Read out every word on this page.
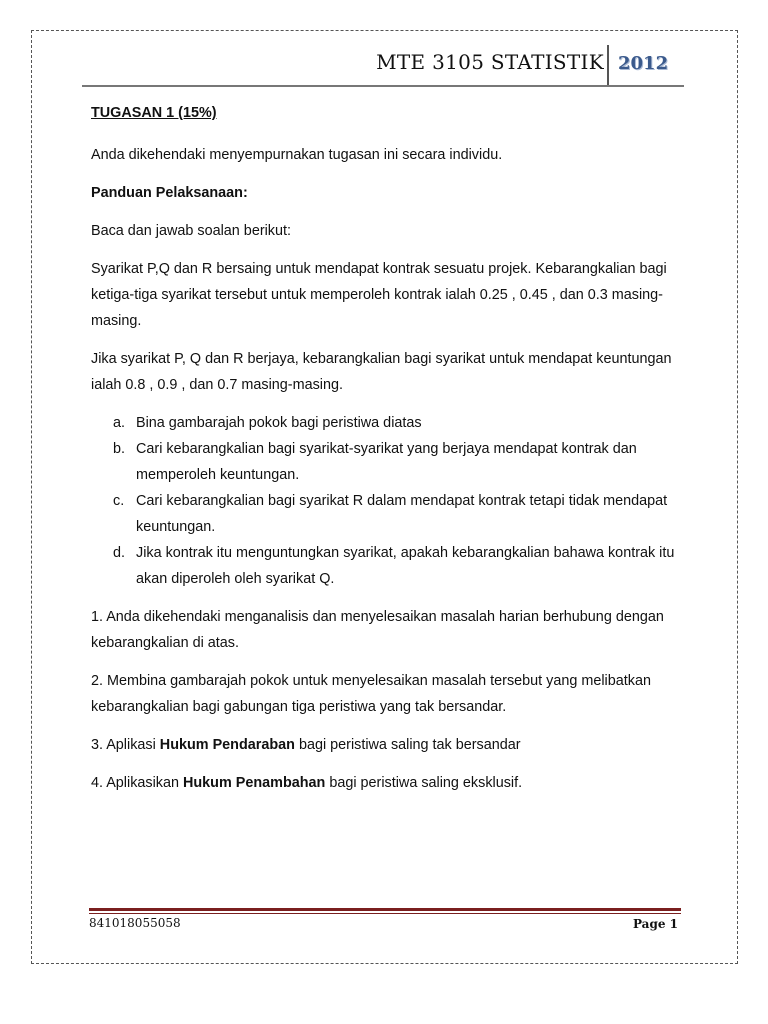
MTE 3105 STATISTIK 2012

TUGASAN 1 (15%)

Anda dikehendaki menyempurnakan tugasan ini secara individu.

Panduan Pelaksanaan:

Baca dan jawab soalan berikut:

Syarikat P,Q dan R bersaing untuk mendapat kontrak sesuatu projek. Kebarangkalian bagi ketiga-tiga syarikat tersebut untuk memperoleh kontrak ialah 0.25 , 0.45 , dan 0.3 masing-masing.

Jika syarikat P, Q dan R berjaya, kebarangkalian bagi syarikat untuk mendapat keuntungan ialah 0.8 , 0.9 , dan 0.7 masing-masing.

a. Bina gambarajah pokok bagi peristiwa diatas
b. Cari kebarangkalian bagi syarikat-syarikat yang berjaya mendapat kontrak dan memperoleh keuntungan.
c. Cari kebarangkalian bagi syarikat R dalam mendapat kontrak tetapi tidak mendapat keuntungan.
d. Jika kontrak itu menguntungkan syarikat, apakah kebarangkalian bahawa kontrak itu akan diperoleh oleh syarikat Q.

1. Anda dikehendaki menganalisis dan menyelesaikan masalah harian berhubung dengan kebarangkalian di atas.

2. Membina gambarajah pokok untuk menyelesaikan masalah tersebut yang melibatkan kebarangkalian bagi gabungan tiga peristiwa yang tak bersandar.

3. Aplikasi Hukum Pendaraban bagi peristiwa saling tak bersandar

4. Aplikasikan Hukum Penambahan bagi peristiwa saling eksklusif.

841018055058	Page 1
